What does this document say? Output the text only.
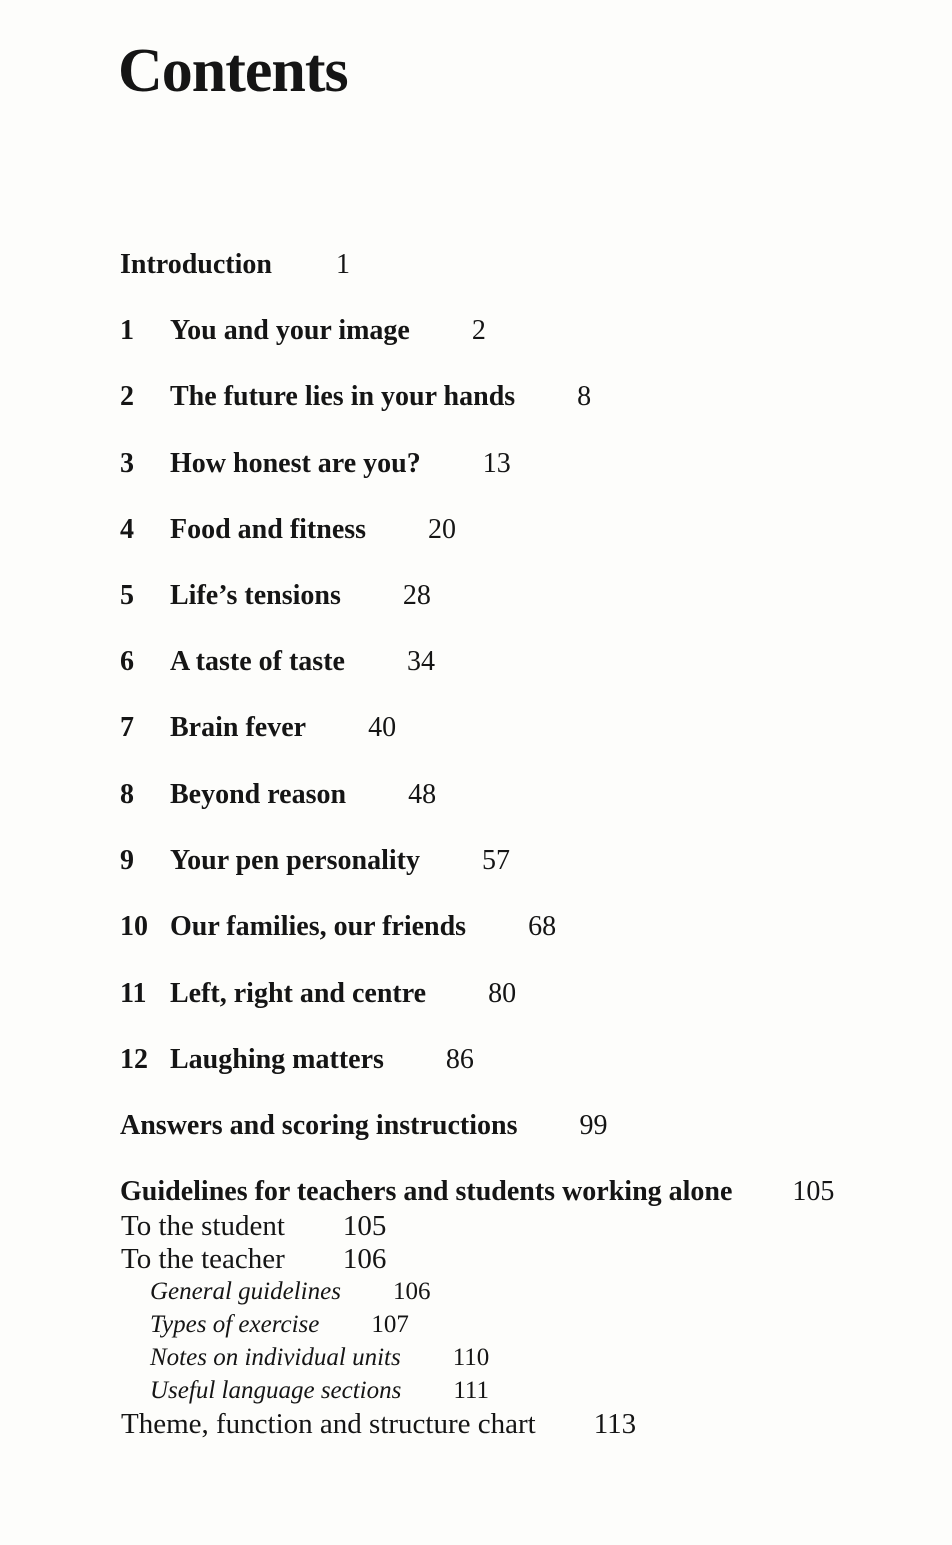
Contents
Introduction 1
1 You and your image 2
2 The future lies in your hands 8
3 How honest are you? 13
4 Food and fitness 20
5 Life’s tensions 28
6 A taste of taste 34
7 Brain fever 40
8 Beyond reason 48
9 Your pen personality 57
10 Our families, our friends 68
11 Left, right and centre 80
12 Laughing matters 86
Answers and scoring instructions 99
Guidelines for teachers and students working alone 105
To the student 105
To the teacher 106
General guidelines 106
Types of exercise 107
Notes on individual units 110
Useful language sections 111
Theme, function and structure chart 113
